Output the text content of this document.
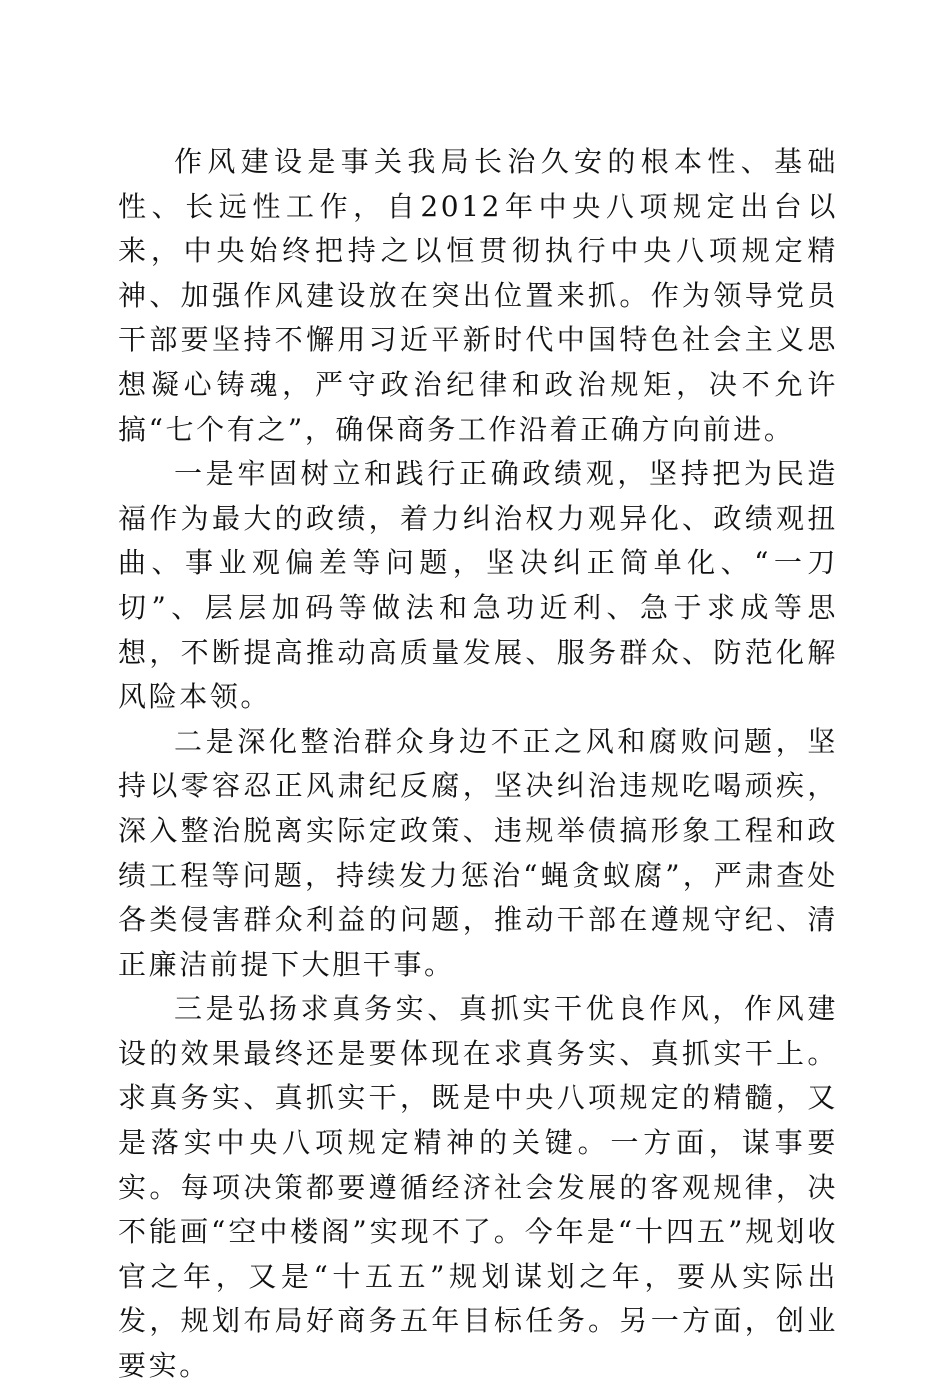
作风建设是事关我局长治久安的根本性、基础性、长远性工作，自2012年中央八项规定出台以来，中央始终把持之以恒贯彻执行中央八项规定精神、加强作风建设放在突出位置来抓。作为领导党员干部要坚持不懈用习近平新时代中国特色社会主义思想凝心铸魂，严守政治纪律和政治规矩，决不允许搞“七个有之”，确保商务工作沿着正确方向前进。

一是牢固树立和践行正确政绩观，坚持把为民造福作为最大的政绩，着力纠治权力观异化、政绩观扭曲、事业观偏差等问题，坚决纠正简单化、“一刀切”、层层加码等做法和急功近利、急于求成等思想，不断提高推动高质量发展、服务群众、防范化解风险本领。

二是深化整治群众身边不正之风和腐败问题，坚持以零容忍正风肃纪反腐，坚决纠治违规吃喝顽疾，深入整治脱离实际定政策、违规举债搞形象工程和政绩工程等问题，持续发力惩治“蝇贪蚁腐”，严肃查处各类侵害群众利益的问题，推动干部在遵规守纪、清正廉洁前提下大胆干事。

三是弘扬求真务实、真抓实干优良作风，作风建设的效果最终还是要体现在求真务实、真抓实干上。求真务实、真抓实干，既是中央八项规定的精髓，又是落实中央八项规定精神的关键。一方面，谋事要实。每项决策都要遵循经济社会发展的客观规律，决不能画“空中楼阁”实现不了。今年是“十四五”规划收官之年，又是“十五五”规划谋划之年，要从实际出发，规划布局好商务五年目标任务。另一方面，创业要实。
